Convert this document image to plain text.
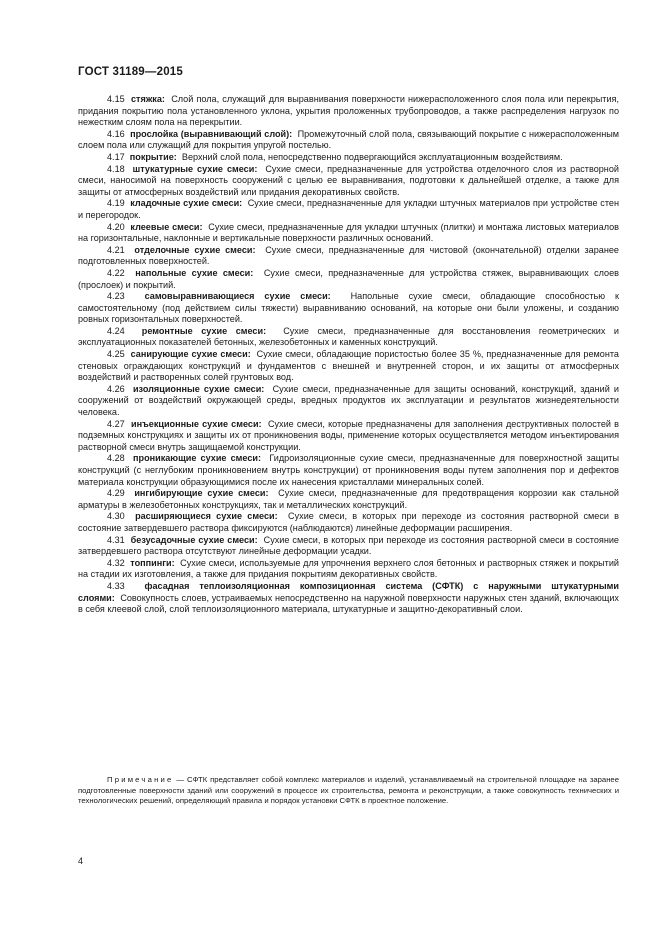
ГОСТ 31189—2015

4.15 стяжка: Слой пола, служащий для выравнивания поверхности нижерасположенного слоя пола или перекрытия, придания покрытию пола установленного уклона, укрытия проложенных трубопроводов, а также распределения нагрузок по нежестким слоям пола на перекрытии.

4.16 прослойка (выравнивающий слой): Промежуточный слой пола, связывающий покрытие с нижерасположенным слоем пола или служащий для покрытия упругой постелью.

4.17 покрытие: Верхний слой пола, непосредственно подвергающийся эксплуатационным воздействиям.

4.18 штукатурные сухие смеси: Сухие смеси, предназначенные для устройства отделочного слоя из растворной смеси, наносимой на поверхность сооружений с целью ее выравнивания, подготовки к дальнейшей отделке, а также для защиты от атмосферных воздействий или придания декоративных свойств.

4.19 кладочные сухие смеси: Сухие смеси, предназначенные для укладки штучных материалов при устройстве стен и перегородок.

4.20 клеевые смеси: Сухие смеси, предназначенные для укладки штучных (плитки) и монтажа листовых материалов на горизонтальные, наклонные и вертикальные поверхности различных оснований.

4.21 отделочные сухие смеси: Сухие смеси, предназначенные для чистовой (окончательной) отделки заранее подготовленных поверхностей.

4.22 напольные сухие смеси: Сухие смеси, предназначенные для устройства стяжек, выравнивающих слоев (прослоек) и покрытий.

4.23 самовыравнивающиеся сухие смеси: Напольные сухие смеси, обладающие способностью к самостоятельному (под действием силы тяжести) выравниванию оснований, на которые они были уложены, и созданию ровных горизонтальных поверхностей.

4.24 ремонтные сухие смеси: Сухие смеси, предназначенные для восстановления геометрических и эксплуатационных показателей бетонных, железобетонных и каменных конструкций.

4.25 санирующие сухие смеси: Сухие смеси, обладающие пористостью более 35 %, предназначенные для ремонта стеновых ограждающих конструкций и фундаментов с внешней и внутренней сторон, и их защиты от атмосферных воздействий и растворенных солей грунтовых вод.

4.26 изоляционные сухие смеси: Сухие смеси, предназначенные для защиты оснований, конструкций, зданий и сооружений от воздействий окружающей среды, вредных продуктов их эксплуатации и результатов жизнедеятельности человека.

4.27 инъекционные сухие смеси: Сухие смеси, которые предназначены для заполнения деструктивных полостей в подземных конструкциях и защиты их от проникновения воды, применение которых осуществляется методом инъектирования растворной смеси внутрь защищаемой конструкции.

4.28 проникающие сухие смеси: Гидроизоляционные сухие смеси, предназначенные для поверхностной защиты конструкций (с неглубоким проникновением внутрь конструкции) от проникновения воды путем заполнения пор и дефектов материала конструкции образующимися после их нанесения кристаллами минеральных солей.

4.29 ингибирующие сухие смеси: Сухие смеси, предназначенные для предотвращения коррозии как стальной арматуры в железобетонных конструкциях, так и металлических конструкций.

4.30 расширяющиеся сухие смеси: Сухие смеси, в которых при переходе из состояния растворной смеси в состояние затвердевшего раствора фиксируются (наблюдаются) линейные деформации расширения.

4.31 безусадочные сухие смеси: Сухие смеси, в которых при переходе из состояния растворной смеси в состояние затвердевшего раствора отсутствуют линейные деформации усадки.

4.32 топпинги: Сухие смеси, используемые для упрочнения верхнего слоя бетонных и растворных стяжек и покрытий на стадии их изготовления, а также для придания покрытиям декоративных свойств.

4.33 фасадная теплоизоляционная композиционная система (СФТК) с наружными штукатурными слоями: Совокупность слоев, устраиваемых непосредственно на наружной поверхности наружных стен зданий, включающих в себя клеевой слой, слой теплоизоляционного материала, штукатурные и защитно-декоративный слои.

Примечание — СФТК представляет собой комплекс материалов и изделий, устанавливаемый на строительной площадке на заранее подготовленные поверхности зданий или сооружений в процессе их строительства, ремонта и реконструкции, а также совокупность технических и технологических решений, определяющий правила и порядок установки СФТК в проектное положение.

4
